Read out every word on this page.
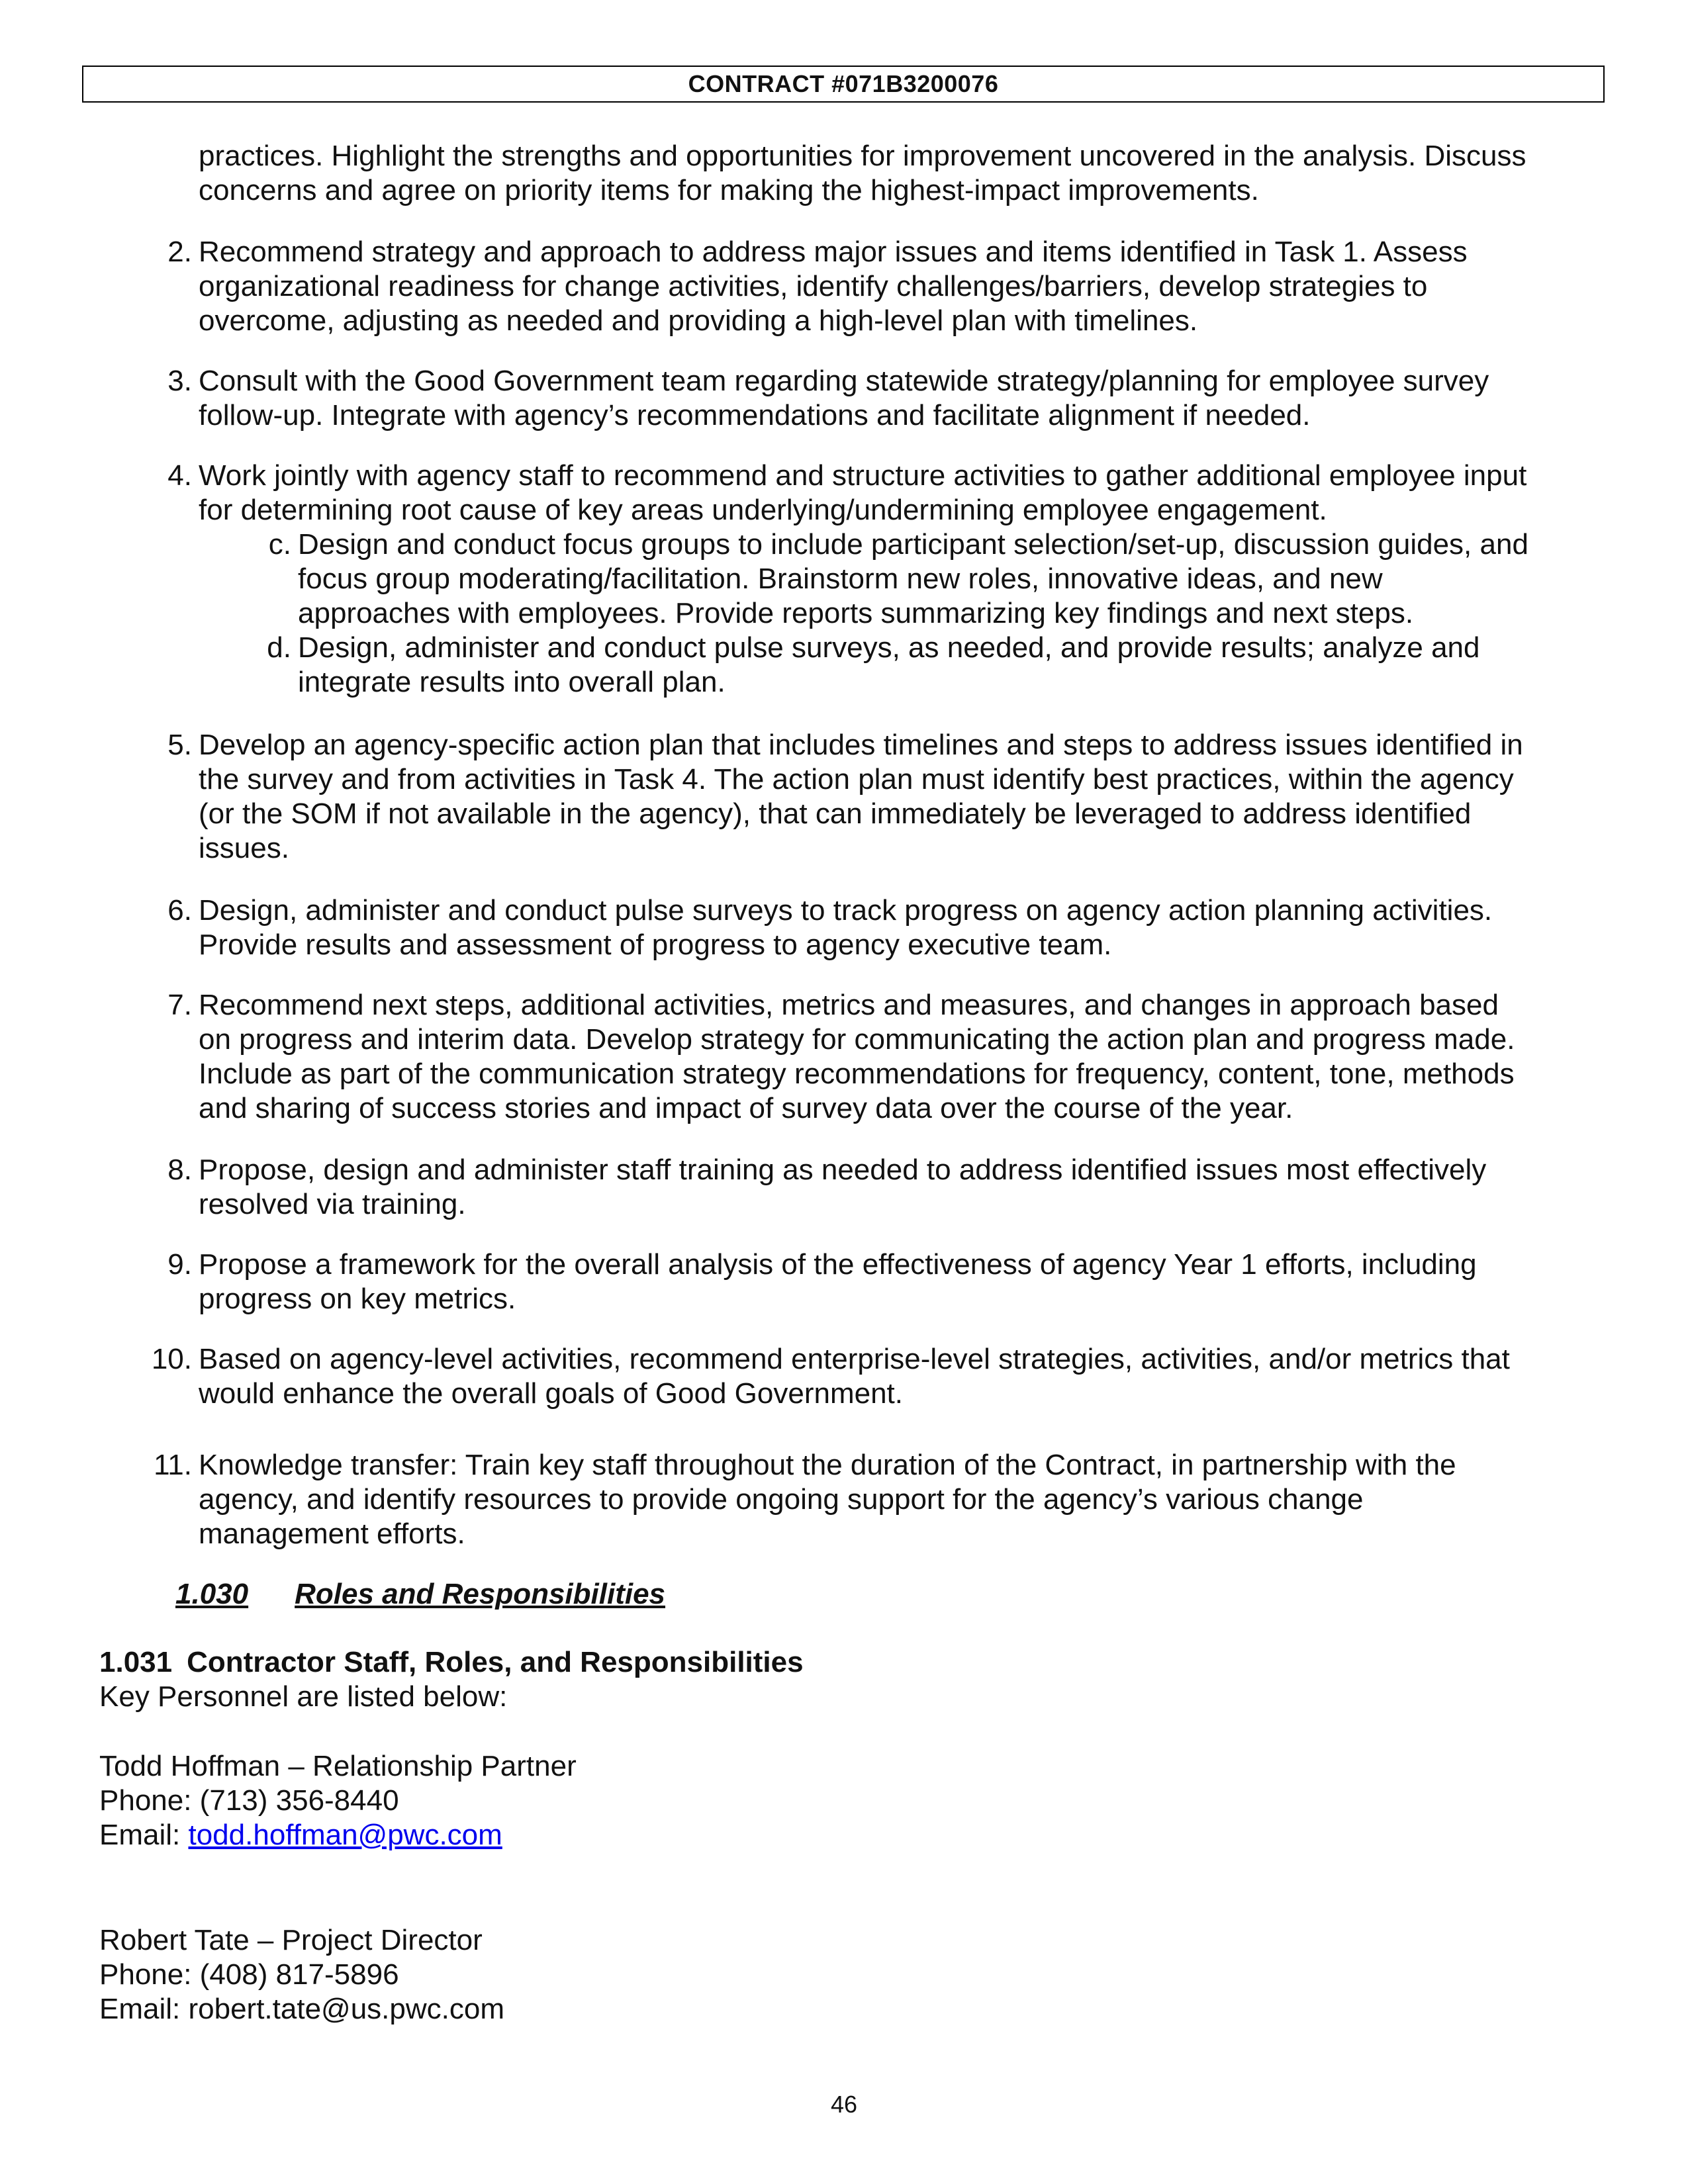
CONTRACT #071B3200076
practices. Highlight the strengths and opportunities for improvement uncovered in the analysis. Discuss
concerns and agree on priority items for making the highest-impact improvements.
2. Recommend strategy and approach to address major issues and items identified in Task 1. Assess
organizational readiness for change activities, identify challenges/barriers, develop strategies to
overcome, adjusting as needed and providing a high-level plan with timelines.
3. Consult with the Good Government team regarding statewide strategy/planning for employee survey
follow-up. Integrate with agency’s recommendations and facilitate alignment if needed.
4. Work jointly with agency staff to recommend and structure activities to gather additional employee input
for determining root cause of key areas underlying/undermining employee engagement.
c. Design and conduct focus groups to include participant selection/set-up, discussion guides, and
focus group moderating/facilitation. Brainstorm new roles, innovative ideas, and new
approaches with employees. Provide reports summarizing key findings and next steps.
d. Design, administer and conduct pulse surveys, as needed, and provide results; analyze and
integrate results into overall plan.
5. Develop an agency-specific action plan that includes timelines and steps to address issues identified in
the survey and from activities in Task 4. The action plan must identify best practices, within the agency
(or the SOM if not available in the agency), that can immediately be leveraged to address identified
issues.
6. Design, administer and conduct pulse surveys to track progress on agency action planning activities.
Provide results and assessment of progress to agency executive team.
7. Recommend next steps, additional activities, metrics and measures, and changes in approach based
on progress and interim data. Develop strategy for communicating the action plan and progress made.
Include as part of the communication strategy recommendations for frequency, content, tone, methods
and sharing of success stories and impact of survey data over the course of the year.
8. Propose, design and administer staff training as needed to address identified issues most effectively
resolved via training.
9. Propose a framework for the overall analysis of the effectiveness of agency Year 1 efforts, including
progress on key metrics.
10. Based on agency-level activities, recommend enterprise-level strategies, activities, and/or metrics that
would enhance the overall goals of Good Government.
11. Knowledge transfer: Train key staff throughout the duration of the Contract, in partnership with the
agency, and identify resources to provide ongoing support for the agency’s various change
management efforts.
1.030 Roles and Responsibilities
1.031 Contractor Staff, Roles, and Responsibilities
Key Personnel are listed below:
Todd Hoffman – Relationship Partner
Phone: (713) 356-8440
Email: todd.hoffman@pwc.com
Robert Tate – Project Director
Phone: (408) 817-5896
Email: robert.tate@us.pwc.com
46
